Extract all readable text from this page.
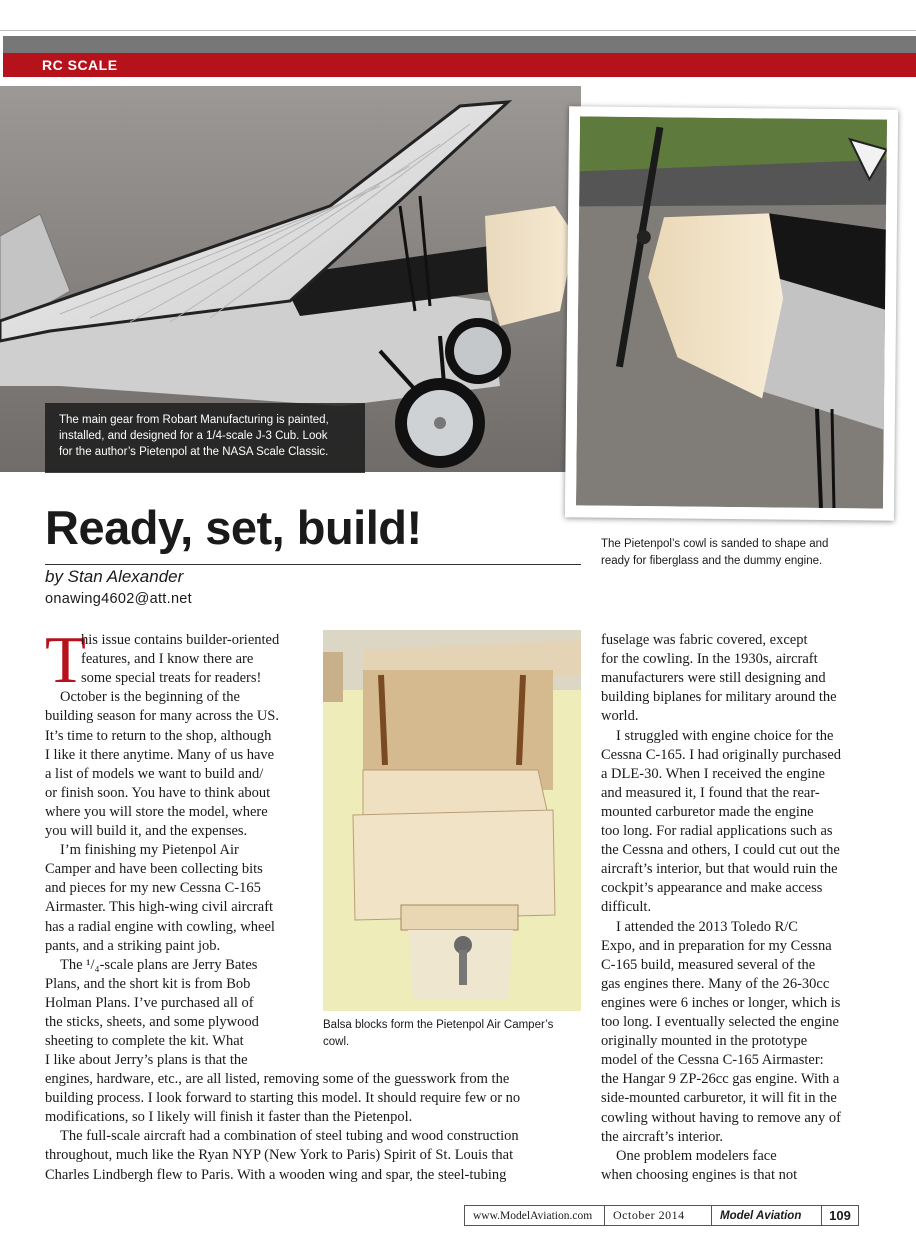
RC SCALE
The main gear from Robart Manufacturing is painted,
installed, and designed for a 1/4-scale J-3 Cub. Look
for the author’s Pietenpol at the NASA Scale Classic.
Ready, set, build!
by Stan Alexander
onawing4602@att.net
The Pietenpol’s cowl is sanded to shape and
ready for fiberglass and the dummy engine.
Balsa blocks form the Pietenpol Air Camper’s
cowl.
T
his issue contains builder-oriented
features, and I know there are
some special treats for readers!
October is the beginning of the
building season for many across the US.
It’s time to return to the shop, although
I like it there anytime. Many of us have
a list of models we want to build and/
or finish soon. You have to think about
where you will store the model, where
you will build it, and the expenses.
I’m finishing my Pietenpol Air
Camper and have been collecting bits
and pieces for my new Cessna C-165
Airmaster. This high-wing civil aircraft
has a radial engine with cowling, wheel
pants, and a striking paint job.
The ¹/₄-scale plans are Jerry Bates
Plans, and the short kit is from Bob
Holman Plans. I’ve purchased all of
the sticks, sheets, and some plywood
sheeting to complete the kit. What
I like about Jerry’s plans is that the
engines, hardware, etc., are all listed, removing some of the guesswork from the
building process. I look forward to starting this model. It should require few or no
modifications, so I likely will finish it faster than the Pietenpol.
The full-scale aircraft had a combination of steel tubing and wood construction
throughout, much like the Ryan NYP (New York to Paris) Spirit of St. Louis that
Charles Lindbergh flew to Paris. With a wooden wing and spar, the steel-tubing
fuselage was fabric covered, except
for the cowling. In the 1930s, aircraft
manufacturers were still designing and
building biplanes for military around the
world.
I struggled with engine choice for the
Cessna C-165. I had originally purchased
a DLE-30. When I received the engine
and measured it, I found that the rear-
mounted carburetor made the engine
too long. For radial applications such as
the Cessna and others, I could cut out the
aircraft’s interior, but that would ruin the
cockpit’s appearance and make access
difficult.
I attended the 2013 Toledo R/C
Expo, and in preparation for my Cessna
C-165 build, measured several of the
gas engines there. Many of the 26-30cc
engines were 6 inches or longer, which is
too long. I eventually selected the engine
originally mounted in the prototype
model of the Cessna C-165 Airmaster:
the Hangar 9 ZP-26cc gas engine. With a
side-mounted carburetor, it will fit in the
cowling without having to remove any of
the aircraft’s interior.
One problem modelers face
when choosing engines is that not
www.ModelAviation.com	October 2014	Model Aviation	109
